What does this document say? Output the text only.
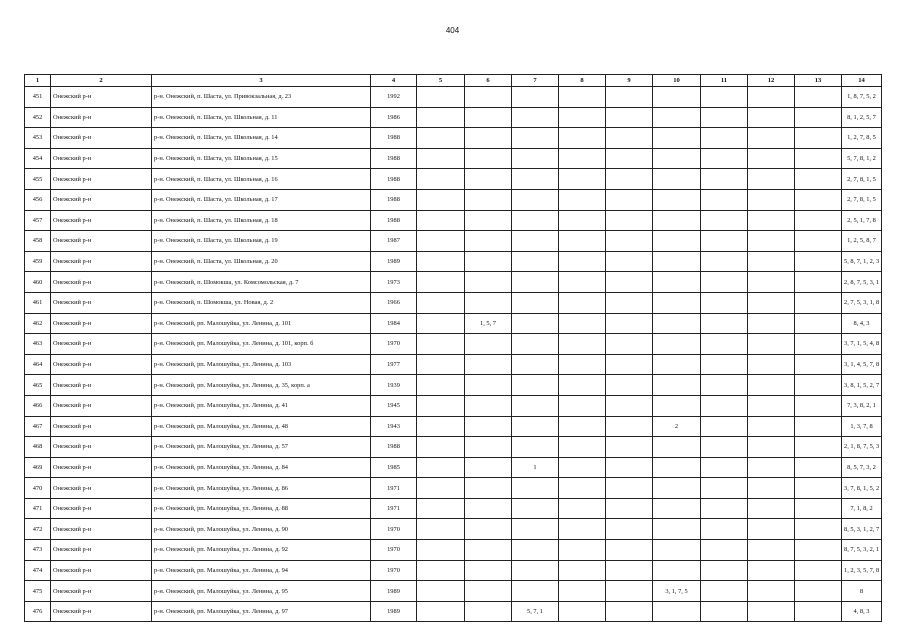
404
1	2	3	4	5	6	7	8	9	10	11	12	13	14
451	Онежский р-н	р-н. Онежский, п. Шаста, ул. Привокзальная, д. 23	1992										1, 8, 7, 5, 2
452	Онежский р-н	р-н. Онежский, п. Шаста, ул. Школьная, д. 11	1986										8, 1, 2, 5, 7
453	Онежский р-н	р-н. Онежский, п. Шаста, ул. Школьная, д. 14	1988										1, 2, 7, 8, 5
454	Онежский р-н	р-н. Онежский, п. Шаста, ул. Школьная, д. 15	1988										5, 7, 8, 1, 2
455	Онежский р-н	р-н. Онежский, п. Шаста, ул. Школьная, д. 16	1988										2, 7, 8, 1, 5
456	Онежский р-н	р-н. Онежский, п. Шаста, ул. Школьная, д. 17	1988										2, 7, 8, 1, 5
457	Онежский р-н	р-н. Онежский, п. Шаста, ул. Школьная, д. 18	1988										2, 5, 1, 7, 8
458	Онежский р-н	р-н. Онежский, п. Шаста, ул. Школьная, д. 19	1987										1, 2, 5, 8, 7
459	Онежский р-н	р-н. Онежский, п. Шаста, ул. Школьная, д. 20	1989										5, 8, 7, 1, 2, 3
460	Онежский р-н	р-н. Онежский, п. Шомокша, ул. Комсомольская, д. 7	1973										2, 8, 7, 5, 3, 1
461	Онежский р-н	р-н. Онежский, п. Шомокша, ул. Новая, д. 2	1966										2, 7, 5, 3, 1, 8
462	Онежский р-н	р-н. Онежский, рп. Малошуйка, ул. Ленина, д. 101	1984		1, 5, 7								8, 4, 3
463	Онежский р-н	р-н. Онежский, рп. Малошуйка, ул. Ленина, д. 101, корп. б	1970										3, 7, 1, 5, 4, 8
464	Онежский р-н	р-н. Онежский, рп. Малошуйка, ул. Ленина, д. 103	1977										3, 1, 4, 5, 7, 8
465	Онежский р-н	р-н. Онежский, рп. Малошуйка, ул. Ленина, д. 35, корп. а	1939										3, 8, 1, 5, 2, 7
466	Онежский р-н	р-н. Онежский, рп. Малошуйка, ул. Ленина, д. 41	1945										7, 3, 8, 2, 1
467	Онежский р-н	р-н. Онежский, рп. Малошуйка, ул. Ленина, д. 48	1943						2				1, 3, 7, 8
468	Онежский р-н	р-н. Онежский, рп. Малошуйка, ул. Ленина, д. 57	1988										2, 1, 8, 7, 5, 3
469	Онежский р-н	р-н. Онежский, рп. Малошуйка, ул. Ленина, д. 84	1985			1							8, 5, 7, 3, 2
470	Онежский р-н	р-н. Онежский, рп. Малошуйка, ул. Ленина, д. 86	1971										3, 7, 8, 1, 5, 2
471	Онежский р-н	р-н. Онежский, рп. Малошуйка, ул. Ленина, д. 88	1971										7, 1, 8, 2
472	Онежский р-н	р-н. Онежский, рп. Малошуйка, ул. Ленина, д. 90	1970										8, 5, 3, 1, 2, 7
473	Онежский р-н	р-н. Онежский, рп. Малошуйка, ул. Ленина, д. 92	1970										8, 7, 5, 3, 2, 1
474	Онежский р-н	р-н. Онежский, рп. Малошуйка, ул. Ленина, д. 94	1970										1, 2, 3, 5, 7, 8
475	Онежский р-н	р-н. Онежский, рп. Малошуйка, ул. Ленина, д. 95	1989						3, 1, 7, 5				8
476	Онежский р-н	р-н. Онежский, рп. Малошуйка, ул. Ленина, д. 97	1989			5, 7, 1							4, 8, 3
